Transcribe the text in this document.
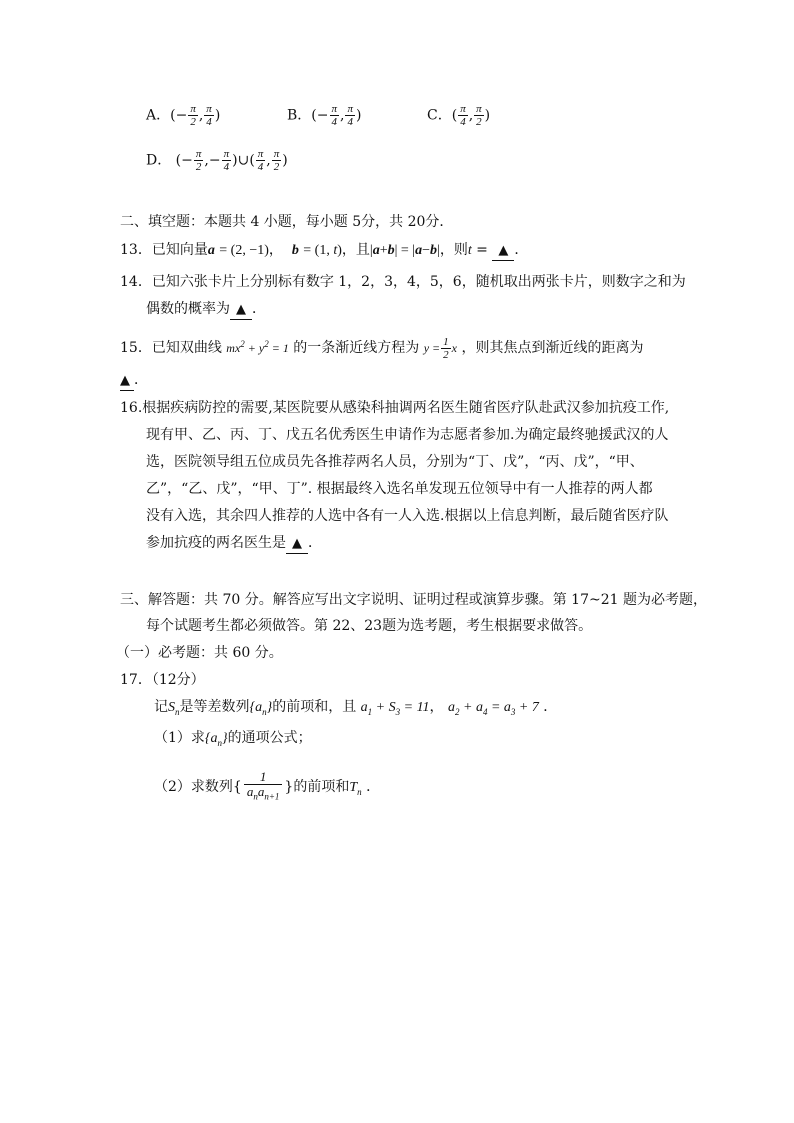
A．(− $\frac{\pi}{2}$ , $\frac{\pi}{4}$ )	B．(− $\frac{\pi}{4}$ , $\frac{\pi}{4}$ )	C．( $\frac{\pi}{4}$ , $\frac{\pi}{2}$ )
D． (− $\frac{\pi}{2}$ ,− $\frac{\pi}{4}$ )∪( $\frac{\pi}{4}$ , $\frac{\pi}{2}$ )
二、填空题：本题共 4 小题，每小题 5分，共 20分．
13．已知向量a = (2, −1)， b = (1, t)，且|a+b| = |a−b|，则t = ▲ ．
14．已知六张卡片上分别标有数字 1，2，3，4，5，6，随机取出两张卡片，则数字之和为
偶数的概率为 ▲ ．
15．已知双曲线 $mx^2 + y^2 = 1$ 的一条渐近线方程为 $y = \frac{1}{2}$ x ，则其焦点到渐近线的距离为
▲ ．
16.根据疾病防控的需要,某医院要从感染科抽调两名医生随省医疗队赴武汉参加抗疫工作,
现有甲、乙、丙、丁、戊五名优秀医生申请作为志愿者参加.为确定最终驰援武汉的人
选，医院领导组五位成员先各推荐两名人员，分别为“丁、戊”，“丙、戊”，“甲、
乙”，“乙、戊”，“甲、丁”. 根据最终入选名单发现五位领导中有一人推荐的两人都
没有入选，其余四人推荐的人选中各有一人入选.根据以上信息判断，最后随省医疗队
参加抗疫的两名医生是 ▲ ．
三、解答题：共 70 分。解答应写出文字说明、证明过程或演算步骤。第 17~21 题为必考题，
每个试题考生都必须做答。第 22、23题为选考题，考生根据要求做答。
（一）必考题：共 60 分。
17．（12分）
记$S_n$是等差数列$\{a_n\}$的前项和，且 $a_1 + S_3 = 11$， $a_2 + a_4 = a_3 + 7$ ．
（1）求$\{a_n\}$的通项公式；
（2）求数列{
1
$a_na_{n+1}$
}的前项和$T_n$ ．
